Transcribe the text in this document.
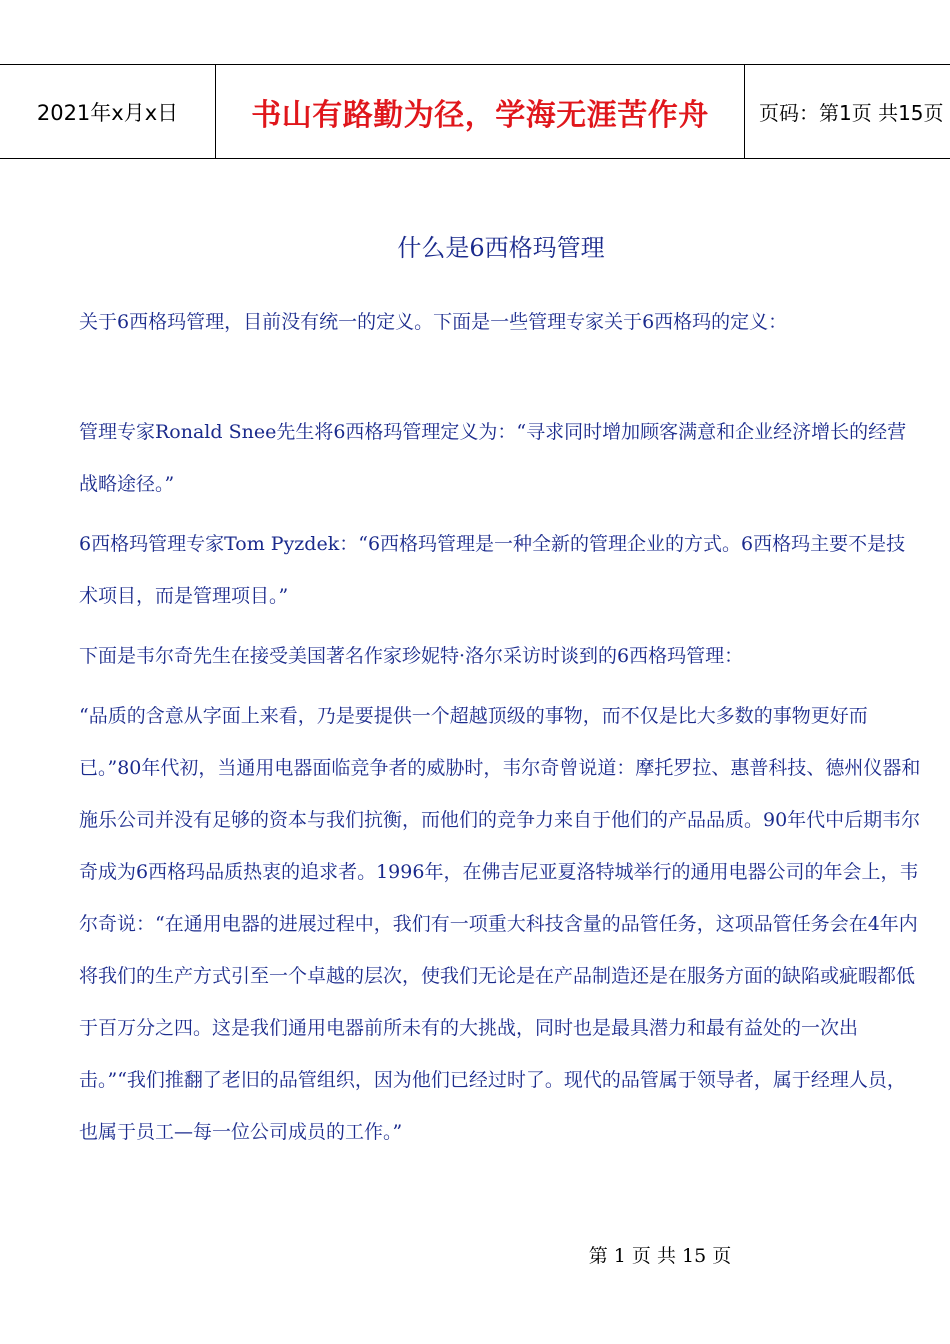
2021年x月x日	书山有路勤为径，学海无涯苦作舟	页码：第1页 共15页
什么是6西格玛管理

关于6西格玛管理，目前没有统一的定义。下面是一些管理专家关于6西格玛的定义：

管理专家Ronald Snee先生将6西格玛管理定义为：“寻求同时增加顾客满意和企业经济增长的经营战略途径。”

6西格玛管理专家Tom Pyzdek：“6西格玛管理是一种全新的管理企业的方式。6西格玛主要不是技术项目，而是管理项目。”

下面是韦尔奇先生在接受美国著名作家珍妮特·洛尔采访时谈到的6西格玛管理：

“品质的含意从字面上来看，乃是要提供一个超越顶级的事物，而不仅是比大多数的事物更好而已。”80年代初，当通用电器面临竞争者的威胁时，韦尔奇曾说道：摩托罗拉、惠普科技、德州仪器和施乐公司并没有足够的资本与我们抗衡，而他们的竞争力来自于他们的产品品质。90年代中后期韦尔奇成为6西格玛品质热衷的追求者。1996年，在佛吉尼亚夏洛特城举行的通用电器公司的年会上，韦尔奇说：“在通用电器的进展过程中，我们有一项重大科技含量的品管任务，这项品管任务会在4年内将我们的生产方式引至一个卓越的层次，使我们无论是在产品制造还是在服务方面的缺陷或疵暇都低于百万分之四。这是我们通用电器前所未有的大挑战，同时也是最具潜力和最有益处的一次出击。”“我们推翻了老旧的品管组织，因为他们已经过时了。现代的品管属于领导者，属于经理人员，也属于员工—每一位公司成员的工作。”

第 1 页 共 15 页
